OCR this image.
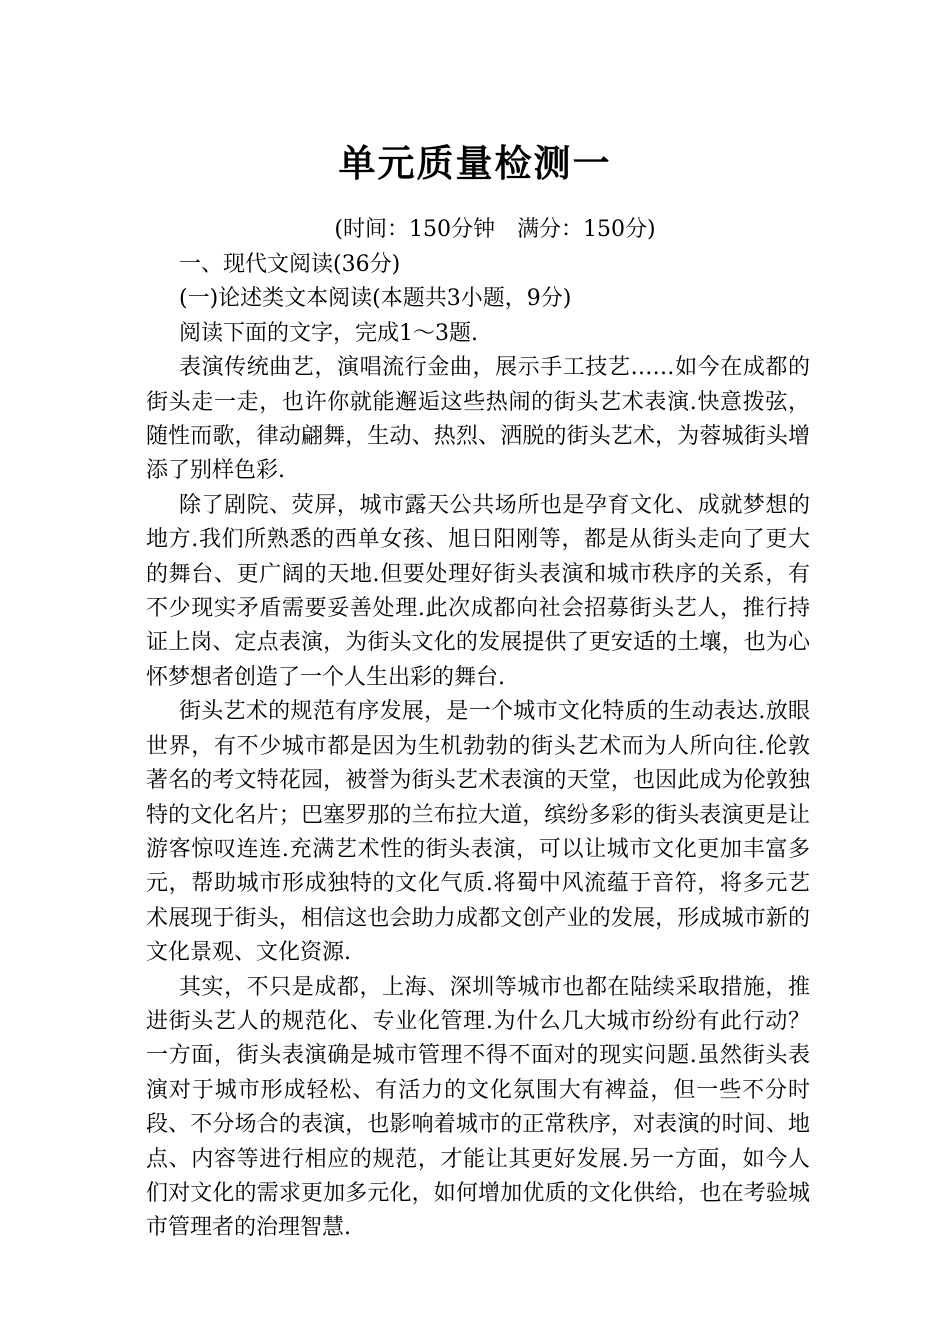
单元质量检测一
(时间：150分钟　满分：150分)

一、现代文阅读(36分)

(一)论述类文本阅读(本题共3小题，9分)

阅读下面的文字，完成1～3题.

表演传统曲艺，演唱流行金曲，展示手工技艺……如今在成都的街头走一走，也许你就能邂逅这些热闹的街头艺术表演.快意拨弦，随性而歌，律动翩舞，生动、热烈、洒脱的街头艺术，为蓉城街头增添了别样色彩.

除了剧院、荧屏，城市露天公共场所也是孕育文化、成就梦想的地方.我们所熟悉的西单女孩、旭日阳刚等，都是从街头走向了更大的舞台、更广阔的天地.但要处理好街头表演和城市秩序的关系，有不少现实矛盾需要妥善处理.此次成都向社会招募街头艺人，推行持证上岗、定点表演，为街头文化的发展提供了更安适的土壤，也为心怀梦想者创造了一个人生出彩的舞台.

街头艺术的规范有序发展，是一个城市文化特质的生动表达.放眼世界，有不少城市都是因为生机勃勃的街头艺术而为人所向往.伦敦著名的考文特花园，被誉为街头艺术表演的天堂，也因此成为伦敦独特的文化名片；巴塞罗那的兰布拉大道，缤纷多彩的街头表演更是让游客惊叹连连.充满艺术性的街头表演，可以让城市文化更加丰富多元，帮助城市形成独特的文化气质.将蜀中风流蕴于音符，将多元艺术展现于街头，相信这也会助力成都文创产业的发展，形成城市新的文化景观、文化资源.

其实，不只是成都，上海、深圳等城市也都在陆续采取措施，推进街头艺人的规范化、专业化管理.为什么几大城市纷纷有此行动？一方面，街头表演确是城市管理不得不面对的现实问题.虽然街头表演对于城市形成轻松、有活力的文化氛围大有裨益，但一些不分时段、不分场合的表演，也影响着城市的正常秩序，对表演的时间、地点、内容等进行相应的规范，才能让其更好发展.另一方面，如今人们对文化的需求更加多元化，如何增加优质的文化供给，也在考验城市管理者的治理智慧.
